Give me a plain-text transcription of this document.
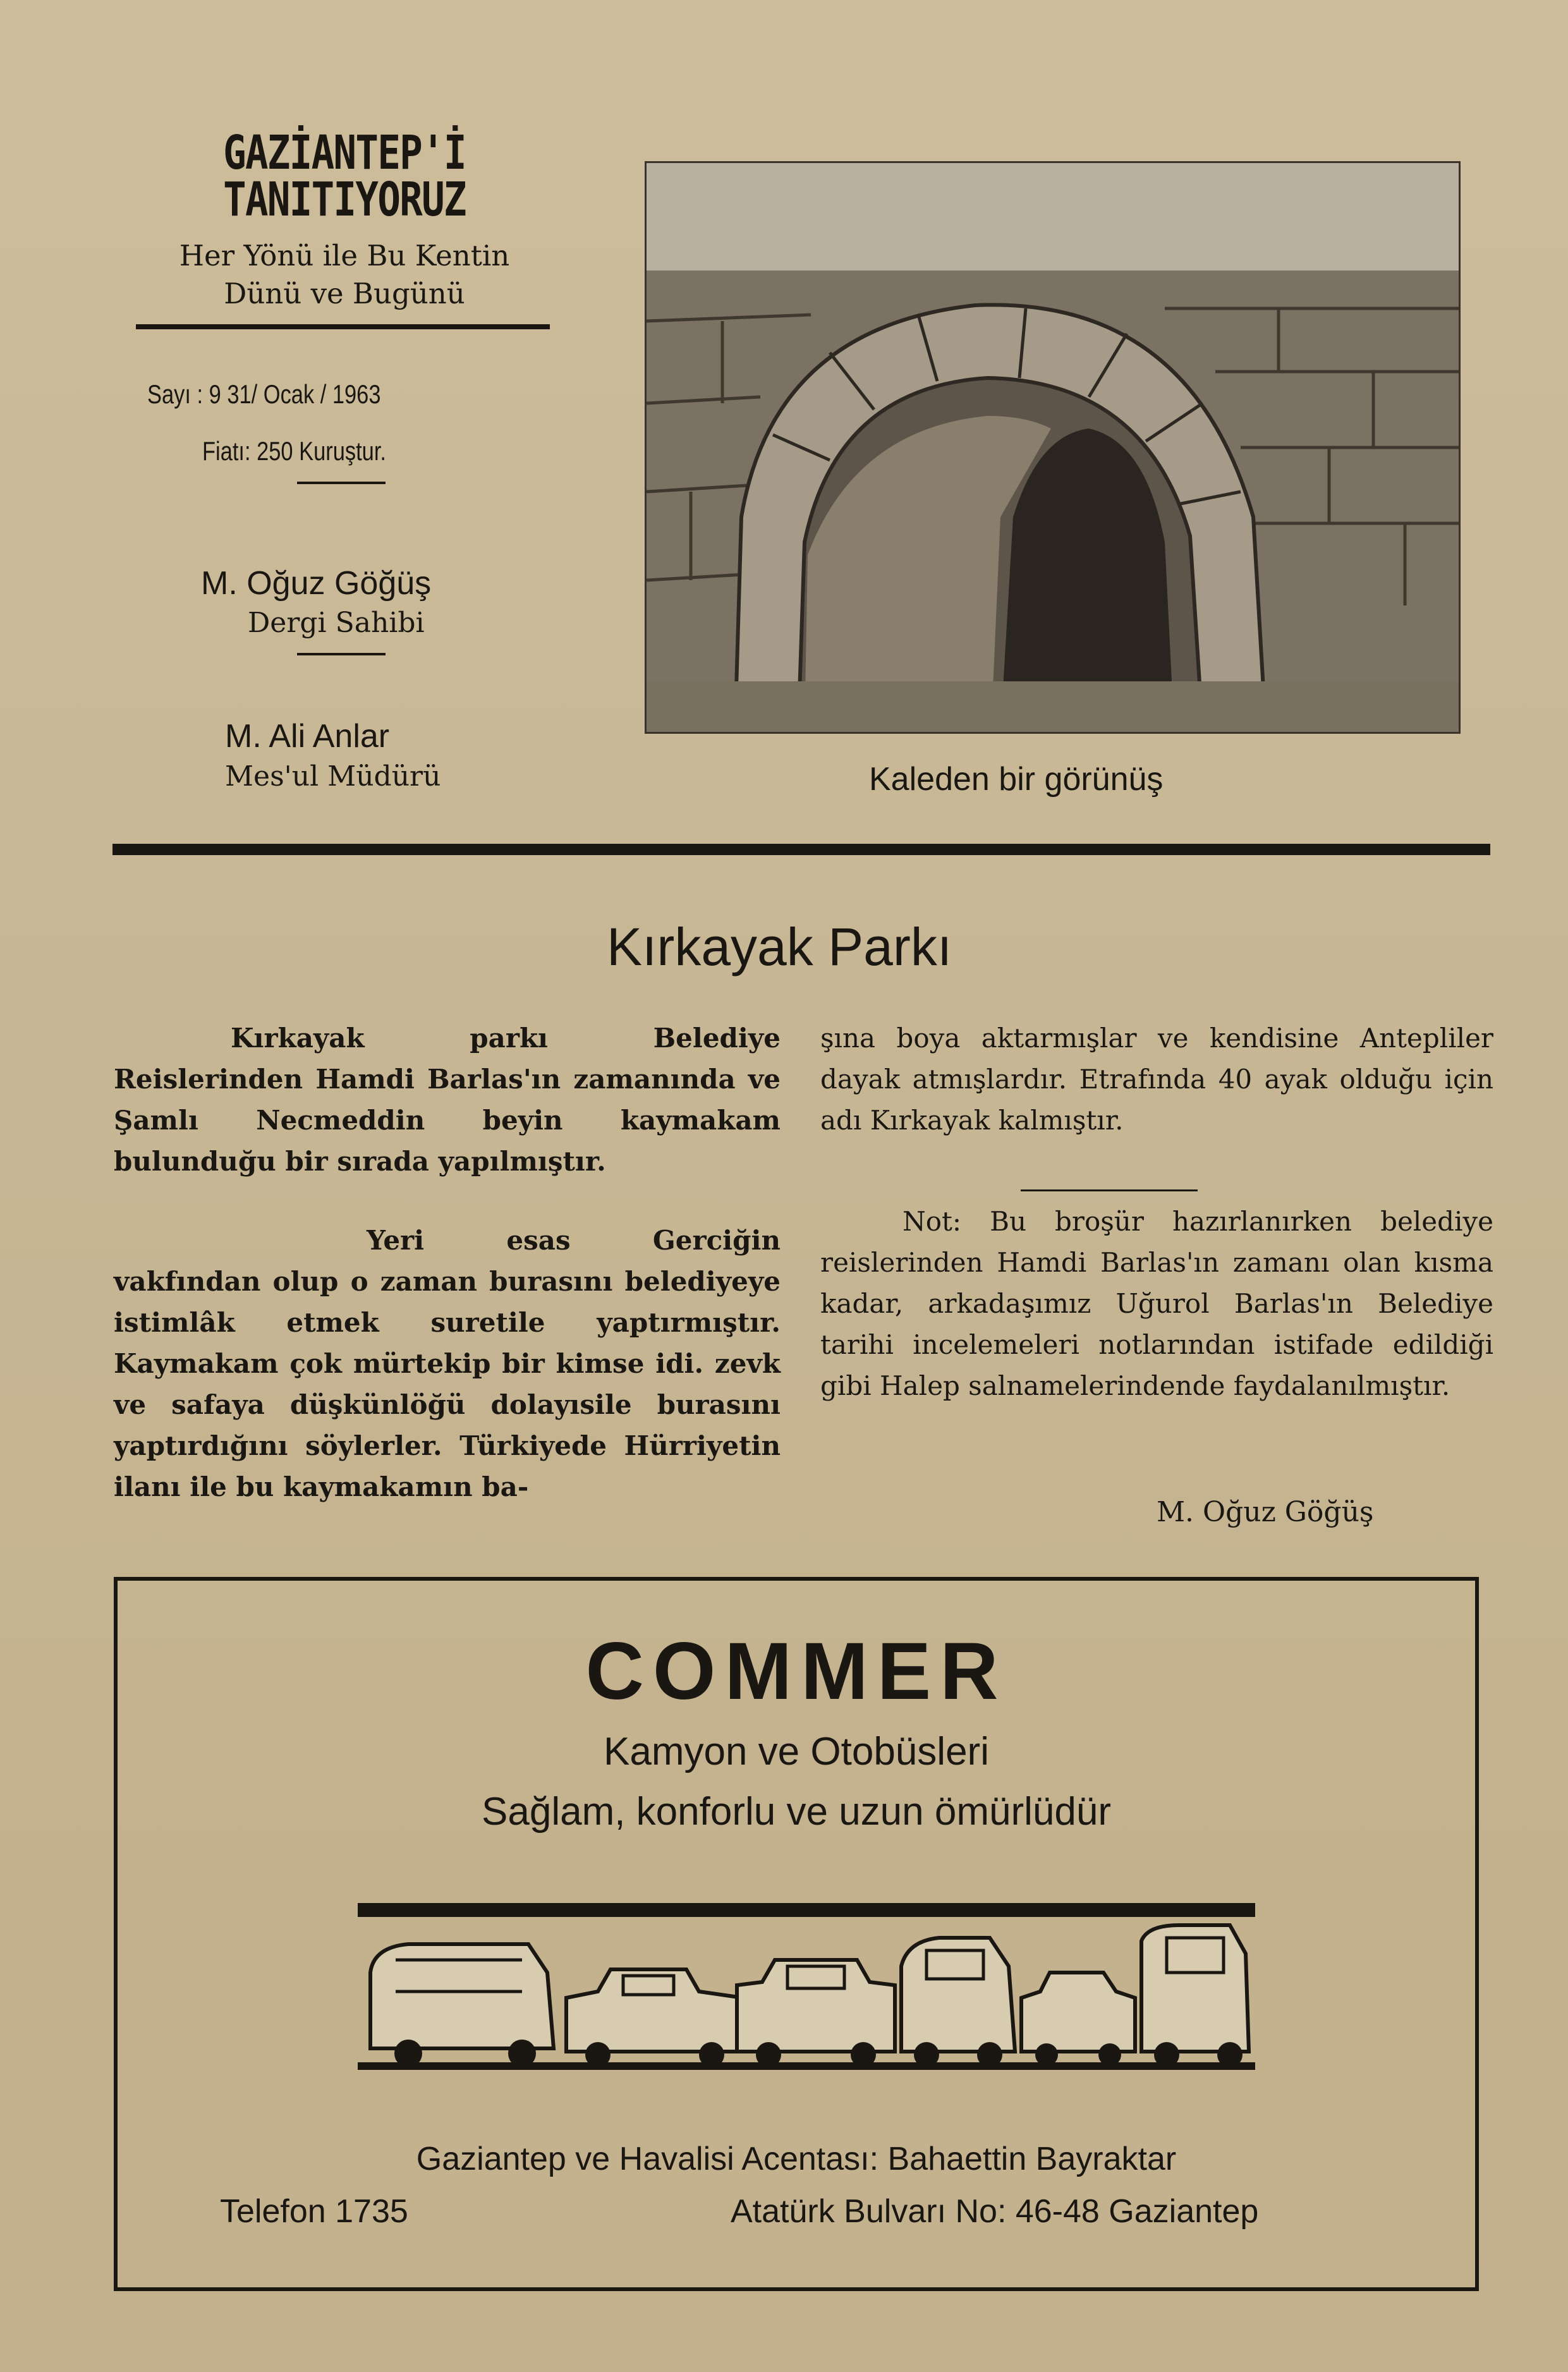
GAZİANTEP'İ TANITIYORUZ
Her Yönü ile Bu Kentin
Dünü ve Bugünü
Sayı : 9 31/ Ocak / 1963
Fiatı: 250 Kuruştur.
M. Oğuz Göğüş
Dergi Sahibi
M. Ali Anlar
Mes'ul Müdürü	Kaleden bir görünüş
Kırkayak Parkı

Kırkayak parkı Belediye Reislerinden Hamdi Barlas'ın zamanında ve Şamlı Necmeddin beyin kaymakam bulunduğu bir sırada yapılmıştır.

Yeri esas Gerciğin vakfından olup o zaman burasını belediyeye istimlâk etmek suretile yaptırmıştır. Kaymakam çok mürtekip bir kimse idi. zevk ve safaya düşkünlöğü dolayısile burasını yaptırdığını söylerler. Türkiyede Hürriyetin ilanı ile bu kaymakamın ba-

şına boya aktarmışlar ve kendisine Antepliler dayak atmışlardır. Etrafında 40 ayak olduğu için adı Kırkayak kalmıştır.

Not: Bu broşür hazırlanırken belediye reislerinden Hamdi Barlas'ın zamanı olan kısma kadar, arkadaşımız Uğurol Barlas'ın Belediye tarihi incelemeleri notlarından istifade edildiği gibi Halep salnamelerindende faydalanılmıştır.

M. Oğuz Göğüş
COMMER
Kamyon ve Otobüsleri
Sağlam, konforlu ve uzun ömürlüdür
Gaziantep ve Havalisi Acentası: Bahaettin Bayraktar
Telefon 1735	Atatürk Bulvarı No: 46-48 Gaziantep
